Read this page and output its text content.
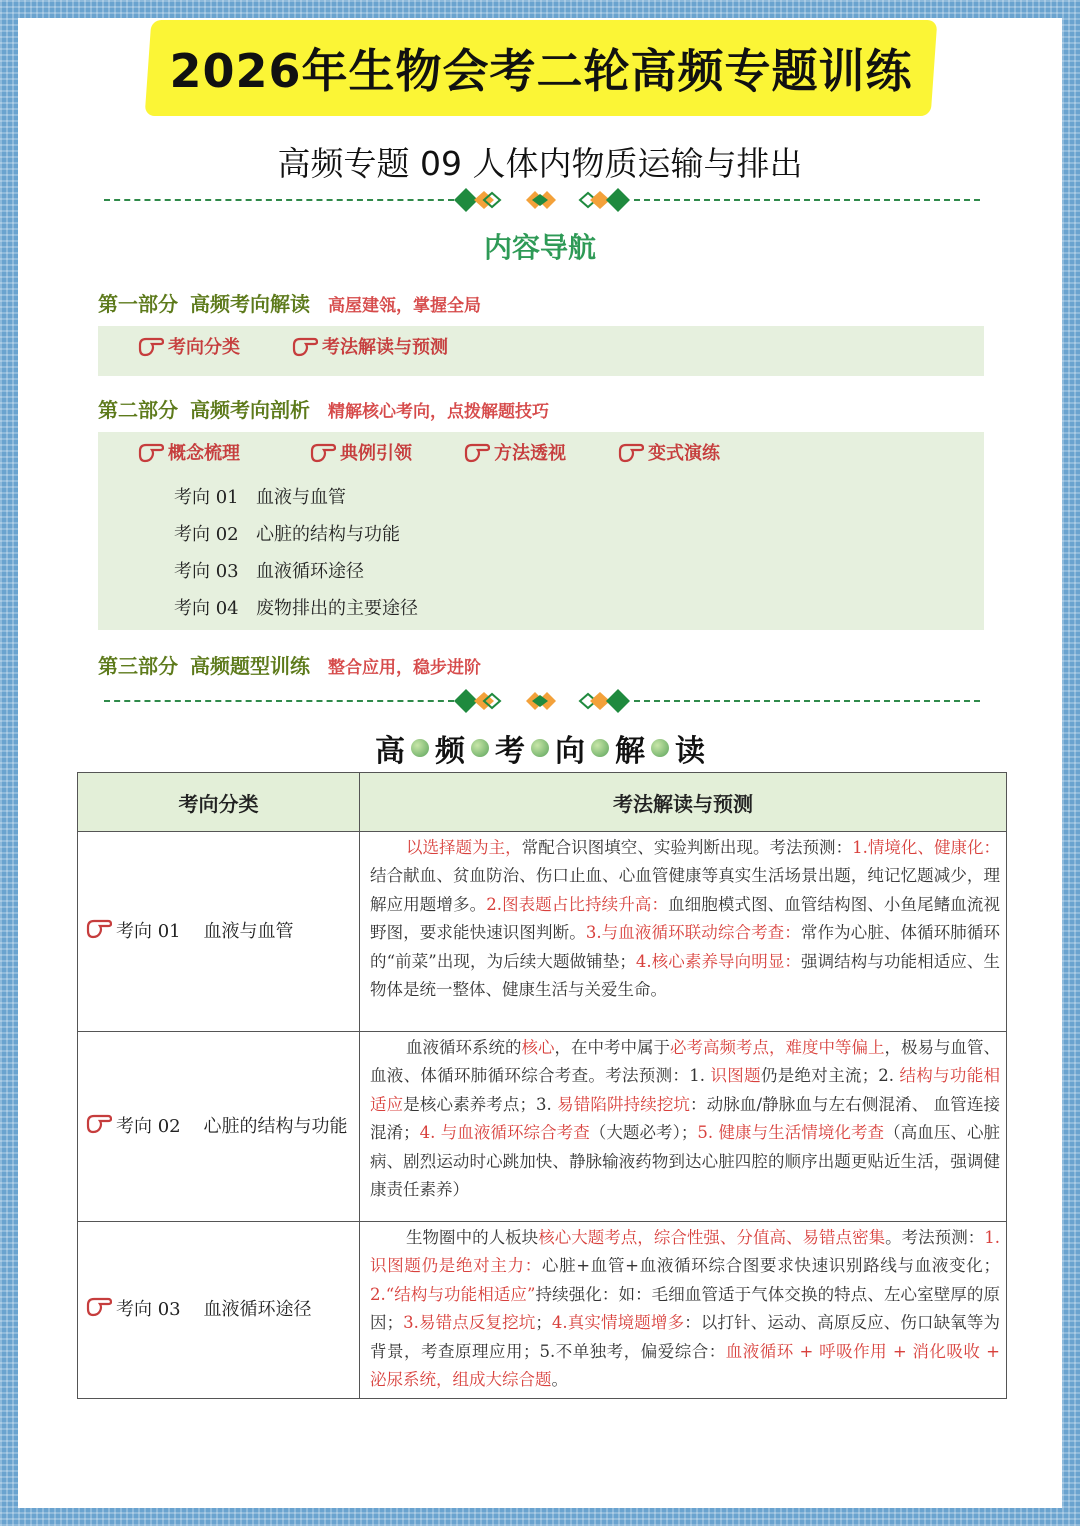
2026年生物会考二轮高频专题训练
高频专题 09 人体内物质运输与排出
内容导航
第一部分 高频考向解读 高屋建瓴，掌握全局
考向分类	考法解读与预测
第二部分 高频考向剖析 精解核心考向，点拨解题技巧
概念梳理	典例引领	方法透视	变式演练
考向 01 血液与血管
考向 02 心脏的结构与功能
考向 03 血液循环途径
考向 04 废物排出的主要途径
第三部分 高频题型训练 整合应用，稳步进阶
高 频 考 向 解 读
考向分类	考法解读与预测
考向 01 血液与血管	以选择题为主，常配合识图填空、实验判断出现。考法预测：1.情境化、健康化：结合献血、贫血防治、伤口止血、心血管健康等真实生活场景出题，纯记忆题减少，理解应用题增多。2.图表题占比持续升高：血细胞模式图、血管结构图、小鱼尾鳍血流视野图，要求能快速识图判断。3.与血液循环联动综合考查：常作为心脏、体循环肺循环的“前菜”出现，为后续大题做铺垫；4.核心素养导向明显：强调结构与功能相适应、生物体是统一整体、健康生活与关爱生命。
考向 02 心脏的结构与功能	血液循环系统的核心，在中考中属于必考高频考点，难度中等偏上，极易与血管、血液、体循环肺循环综合考查。考法预测：1. 识图题仍是绝对主流；2. 结构与功能相适应是核心素养考点；3. 易错陷阱持续挖坑：动脉血/静脉血与左右侧混淆、 血管连接混淆；4. 与血液循环综合考查（大题必考）；5. 健康与生活情境化考查（高血压、心脏病、剧烈运动时心跳加快、静脉输液药物到达心脏四腔的顺序出题更贴近生活，强调健康责任素养）
考向 03 血液循环途径	生物圈中的人板块核心大题考点，综合性强、分值高、易错点密集。考法预测：1.识图题仍是绝对主力：心脏+血管+血液循环综合图要求快速识别路线与血液变化；2.“结构与功能相适应”持续强化：如：毛细血管适于气体交换的特点、左心室壁厚的原因；3.易错点反复挖坑；4.真实情境题增多：以打针、运动、高原反应、伤口缺氧等为背景，考查原理应用；5.不单独考，偏爱综合：血液循环 + 呼吸作用 + 消化吸收 + 泌尿系统，组成大综合题。
